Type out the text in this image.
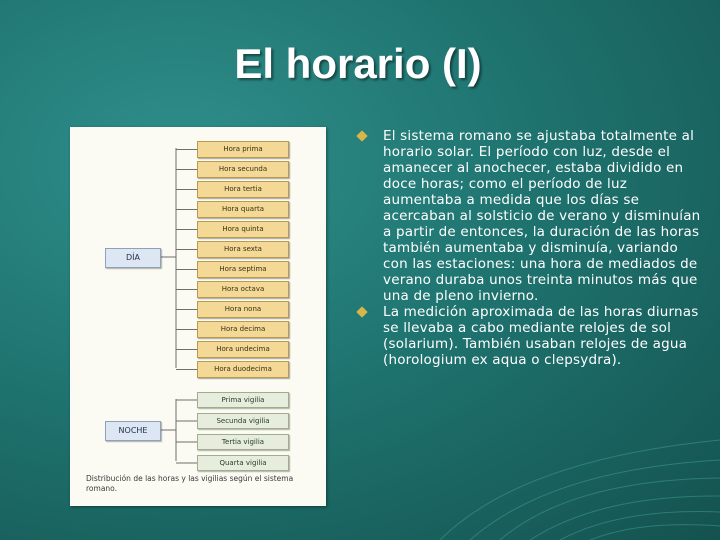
El horario (I)
DÍA
NOCHE
Hora prima
Hora secunda
Hora tertia
Hora quarta
Hora quinta
Hora sexta
Hora septima
Hora octava
Hora nona
Hora decima
Hora undecima
Hora duodecima
Prima vigilia
Secunda vigilia
Tertia vigilia
Quarta vigilia
Distribución de las horas y las vigilias según el sistema romano.
El sistema romano se ajustaba totalmente al horario solar. El período con luz, desde el amanecer al anochecer, estaba dividido en doce horas; como el período de luz aumentaba a medida que los días se acercaban al solsticio de verano y disminuían a partir de entonces, la duración de las horas también aumentaba y disminuía, variando con las estaciones: una hora de mediados de verano duraba unos treinta minutos más que una de pleno invierno.
La medición aproximada de las horas diurnas se llevaba a cabo mediante relojes de sol (solarium). También usaban relojes de agua (horologium ex aqua o clepsydra).
